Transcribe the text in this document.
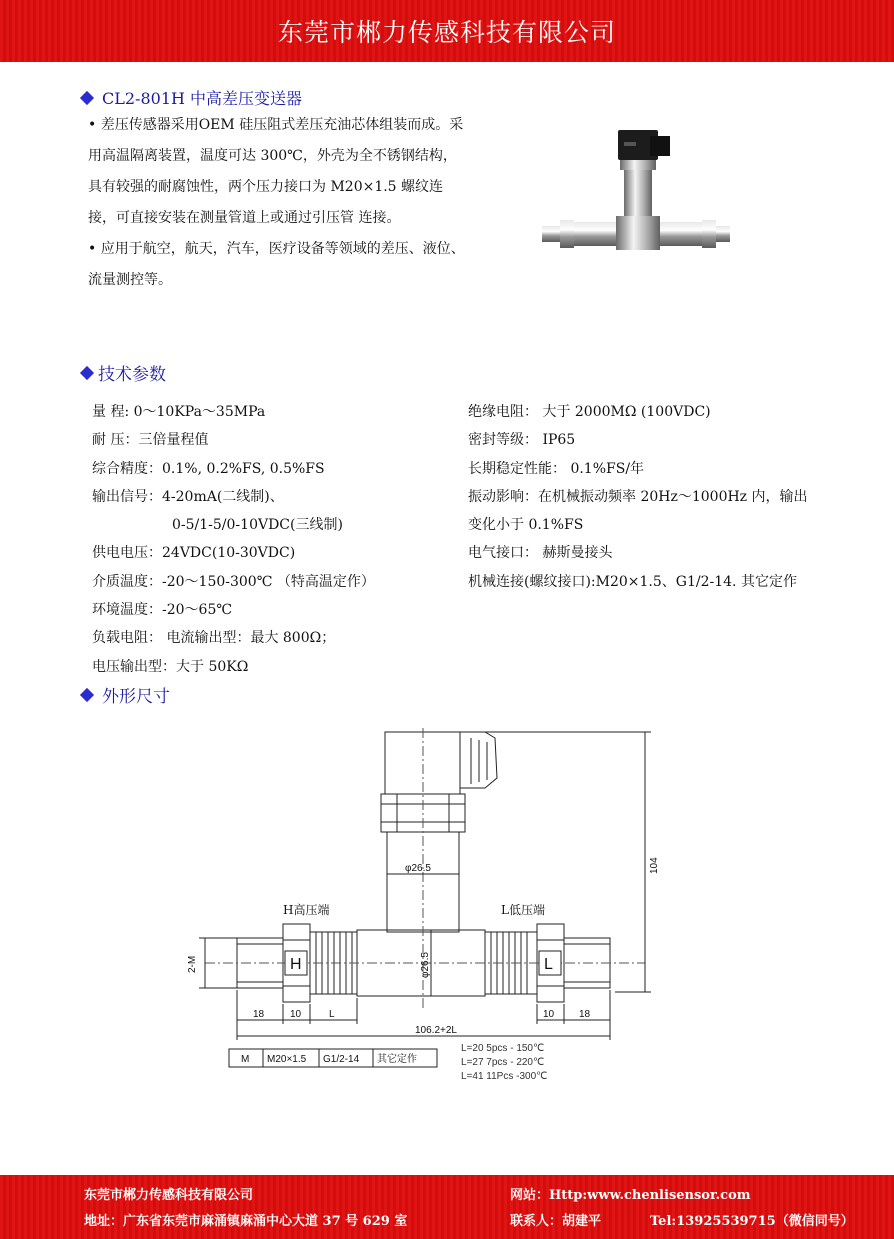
东莞市郴力传感科技有限公司
CL2-801H 中高差压变送器

• 差压传感器采用OEM 硅压阻式差压充油芯体组装而成。采用高温隔离装置，温度可达 300℃，外壳为全不锈钢结构，具有较强的耐腐蚀性，两个压力接口为 M20×1.5 螺纹连接，可直接安装在测量管道上或通过引压管 连接。

• 应用于航空，航天，汽车，医疗设备等领域的差压、液位、流量测控等。

技术参数
量 程: 0～10KPa～35MPa
耐 压：三倍量程值
综合精度：0.1%, 0.2%FS, 0.5%FS
输出信号：4-20mA(二线制)、
0-5/1-5/0-10VDC(三线制)
供电电压：24VDC(10-30VDC)
介质温度：-20～150-300℃ （特高温定作）
环境温度：-20～65℃
负载电阻： 电流输出型：最大 800Ω；
电压输出型：大于 50KΩ
绝缘电阻： 大于 2000MΩ (100VDC)
密封等级： IP65
长期稳定性能： 0.1%FS/年
振动影响：在机械振动频率 20Hz～1000Hz 内，输出
变化小于 0.1%FS
电气接口： 赫斯曼接头
机械连接(螺纹接口):M20×1.5、G1/2-14. 其它定作
外形尺寸
H	L
H高压端	L低压端
φ26.5
φ26.5
104
2-M
18	10	L	10 18
106.2+2L
M M20×1.5 G1/2-14 其它定作
L=20 5pcs - 150℃
L=27 7pcs - 220℃
L=41 11Pcs -300℃
东莞市郴力传感科技有限公司	网站：Http:www.chenlisensor.com
地址：广东省东莞市麻涌镇麻涌中心大道 37 号 629 室	联系人：胡建平	Tel:13925539715（微信同号）
